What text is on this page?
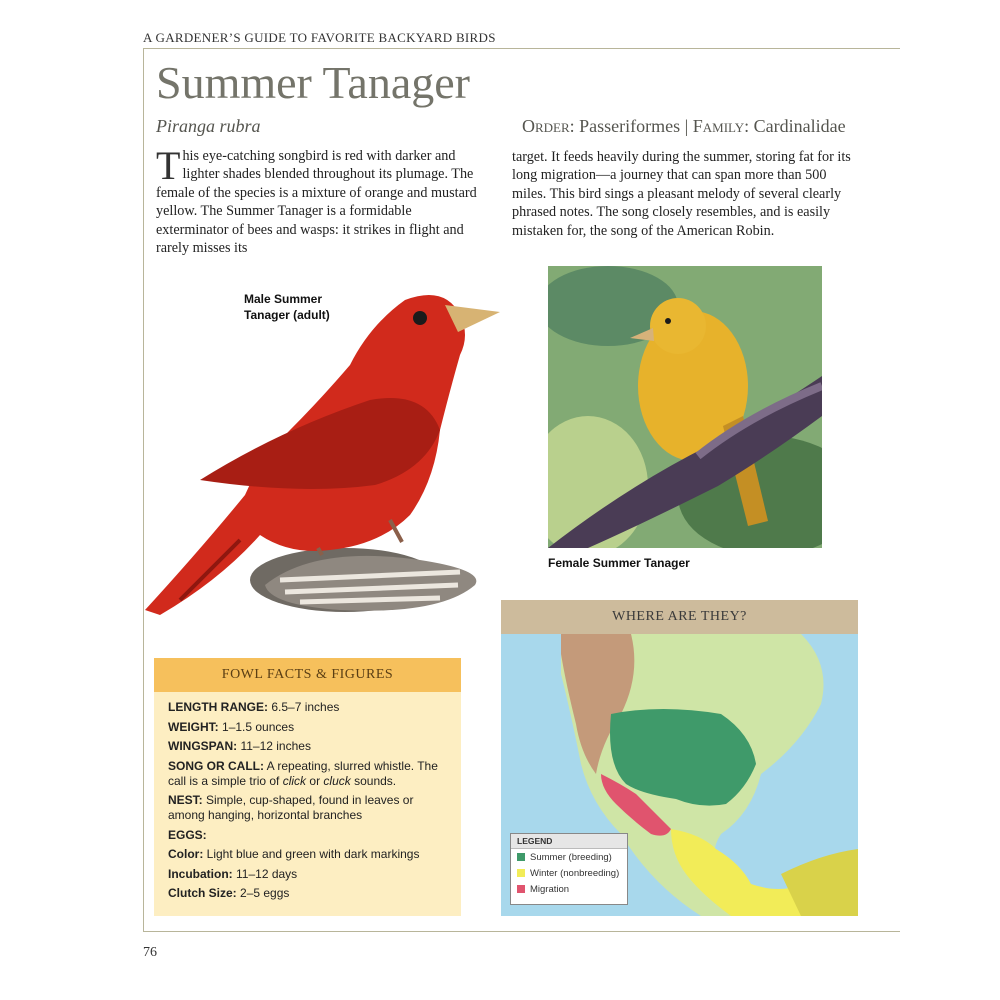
A GARDENER’S GUIDE TO FAVORITE BACKYARD BIRDS
Summer Tanager
Piranga rubra	Order: Passeriformes | Family: Cardinalidae

This eye-catching songbird is red with darker and lighter shades blended throughout its plumage. The female of the species is a mixture of orange and mustard yellow. The Summer Tanager is a formidable exterminator of bees and wasps: it strikes in flight and rarely misses its

target. It feeds heavily during the summer, storing fat for its long migration—a journey that can span more than 500 miles. This bird sings a pleasant melody of several clearly phrased notes. The song closely resembles, and is easily mistaken for, the song of the American Robin.

Male Summer
Tanager (adult)
Female Summer Tanager
FOWL FACTS & FIGURES
LENGTH RANGE: 6.5–7 inches
WEIGHT: 1–1.5 ounces
WINGSPAN: 11–12 inches
SONG OR CALL: A repeating, slurred whistle. The call is a simple trio of click or cluck sounds.
NEST: Simple, cup-shaped, found in leaves or among hanging, horizontal branches
EGGS:
Color: Light blue and green with dark markings
Incubation: 11–12 days
Clutch Size: 2–5 eggs
WHERE ARE THEY?
LEGEND
Summer (breeding)
Winter (nonbreeding)
Migration
76
